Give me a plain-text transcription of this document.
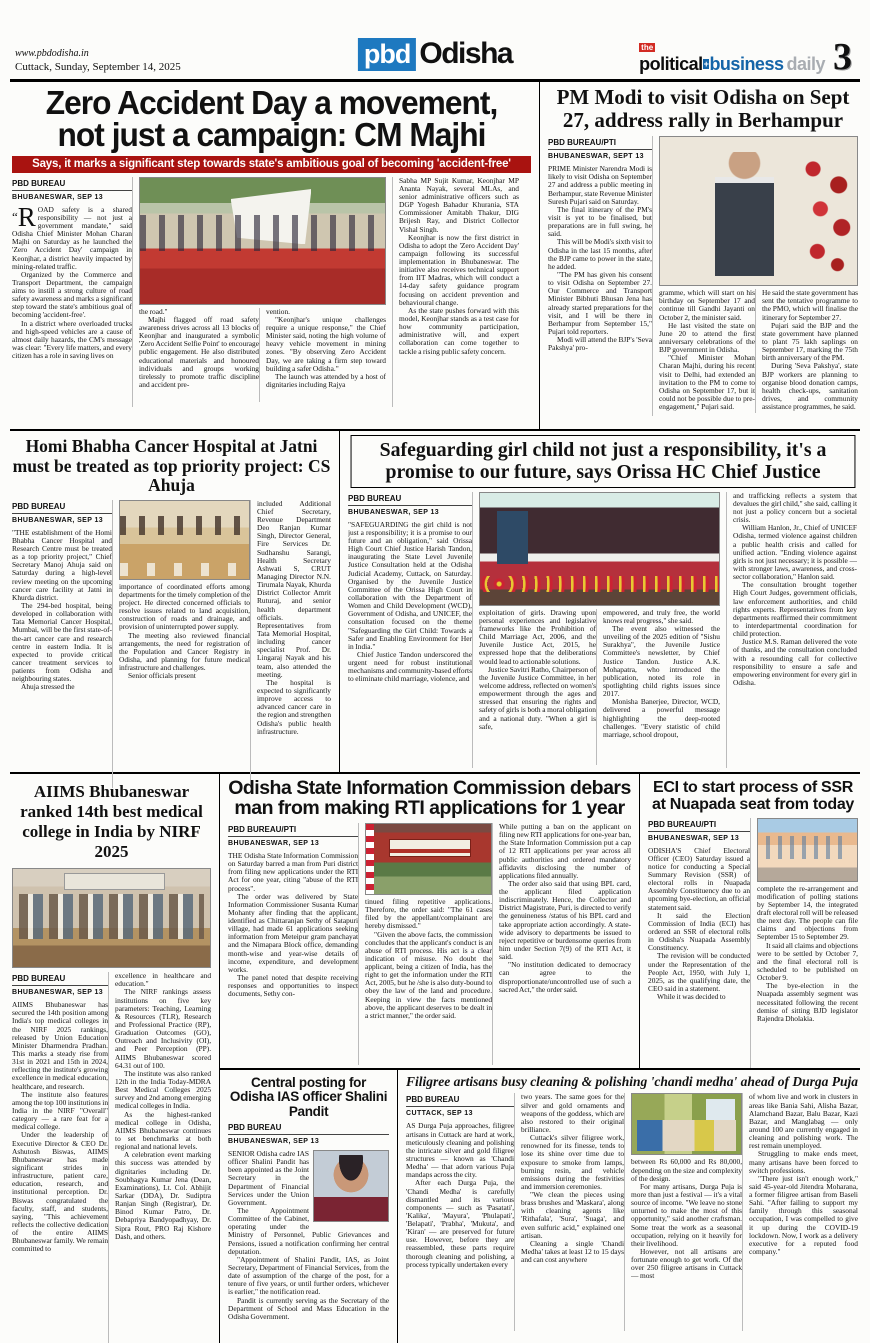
www.pbdodisha.in
Cuttack, Sunday, September 14, 2025	pbd Odisha	the
political+business daily 3
Zero Accident Day a movement, not just a campaign: CM Majhi
Says, it marks a significant step towards state's ambitious goal of becoming 'accident-free'
PBD BUREAU
BHUBANESWAR, SEP 13

“ R OAD safety is a shared responsibility — not just a government mandate," said Odisha Chief Minister Mohan Charan Majhi on Saturday as he launched the 'Zero Accident Day' campaign in Keonjhar, a district heavily impacted by mining-related traffic.

Organized by the Commerce and Transport Department, the campaign aims to instill a strong culture of road safety awareness and marks a significant step toward the state's ambitious goal of becoming 'accident-free'.

In a district where overloaded trucks and high-speed vehicles are a cause of almost daily hazards, the CM's message was clear: "Every life matters, and every citizen has a role in saving lives on

the road."

Majhi flagged off road safety awareness drives across all 13 blocks of Keonjhar and inaugurated a symbolic 'Zero Accident Selfie Point' to encourage public engagement. He also distributed educational materials and honoured individuals and groups working tirelessly to promote traffic discipline and accident pre-

vention.

"Keonjhar's unique challenges require a unique response," the Chief Minister said, noting the high volume of heavy vehicle movement in mining zones. "By observing Zero Accident Day, we are taking a firm step toward building a safer Odisha."

The launch was attended by a host of dignitaries including Rajya

Sabha MP Sujit Kumar, Keonjhar MP Ananta Nayak, several MLAs, and senior administrative officers such as DGP Yogesh Bahadur Khurania, STA Commissioner Amitabh Thakur, DIG Brijesh Ray, and District Collector Vishal Singh.

Keonjhar is now the first district in Odisha to adopt the 'Zero Accident Day' campaign following its successful implementation in Bhubaneswar. The initiative also receives technical support from IIT Madras, which will conduct a 14-day safety guidance program focusing on accident prevention and behavioural change.

As the state pushes forward with this model, Keonjhar stands as a test case for how community participation, administrative will, and expert collaboration can come together to tackle a rising public safety concern.

PM Modi to visit Odisha on Sept 27, address rally in Berhampur
PBD BUREAU/PTI
BHUBANESWAR, SEPT 13

PRIME Minister Narendra Modi is likely to visit Odisha on September 27 and address a public meeting in Berhampur, state Revenue Minister Suresh Pujari said on Saturday.

The final itinerary of the PM's visit is yet to be finalised, but preparations are in full swing, he said.

This will be Modi's sixth visit to Odisha in the last 15 months, after the BJP came to power in the state, he added.

"The PM has given his consent to visit Odisha on September 27. Our Commerce and Transport Minister Bibhuti Bhusan Jena has already started preparations for the visit, and I will be there in Berhampur from September 15," Pujari told reporters.

Modi will attend the BJP's 'Seva Pakshya' pro-

gramme, which will start on his birthday on September 17 and continue till Gandhi Jayanti on October 2, the minister said.

He last visited the state on June 20 to attend the first anniversary celebrations of the BJP government in Odisha.

"Chief Minister Mohan Charan Majhi, during his recent visit to Delhi, had extended an invitation to the PM to come to Odisha on September 17, but it could not be possible due to pre-engagement," Pujari said.

He said the state government has sent the tentative programme to the PMO, which will finalise the itinerary for September 27.

Pujari said the BJP and the state government have planned to plant 75 lakh saplings on September 17, marking the 75th birth anniversary of the PM.

During 'Seva Pakshya', state BJP workers are planning to organise blood donation camps, health check-ups, sanitation drives, and community assistance programmes, he said.

Homi Bhabha Cancer Hospital at Jatni must be treated as top priority project: CS Ahuja
PBD BUREAU
BHUBANESWAR, SEP 13

"THE establishment of the Homi Bhabha Cancer Hospital and Research Centre must be treated as a top priority project," Chief Secretary Manoj Ahuja said on Saturday during a high-level review meeting on the upcoming cancer care facility at Jatni in Khurda district.

The 294-bed hospital, being developed in collaboration with Tata Memorial Cancer Hospital, Mumbai, will be the first state-of-the-art cancer care and research centre in eastern India. It is expected to provide critical cancer treatment services to patients from Odisha and neighbouring states.

Ahuja stressed the

importance of coordinated efforts among departments for the timely completion of the project. He directed concerned officials to resolve issues related to land acquisition, construction of roads and drainage, and provision of uninterrupted power supply.

The meeting also reviewed financial arrangements, the need for registration of the Population and Cancer Registry in Odisha, and planning for future medical infrastructure and challenges.

Senior officials present

included Additional Chief Secretary, Revenue Department Deo Ranjan Kumar Singh, Director General, Fire Services Dr. Sudhanshu Sarangi, Health Secretary Ashwati S, CRUT Managing Director N.N. Tirumala Nayak, Khurda District Collector Amrit Ruturaj, and senior health department officials. Representatives from Tata Memorial Hospital, including cancer specialist Prof. Dr. Lingaraj Nayak and his team, also attended the meeting.

The hospital is expected to significantly improve access to advanced cancer care in the region and strengthen Odisha's public health infrastructure.

Safeguarding girl child not just a responsibility, it's a promise to our future, says Orissa HC Chief Justice
PBD BUREAU
BHUBANESWAR, SEP 13

"SAFEGUARDING the girl child is not just a responsibility; it is a promise to our future and an obligation," said Orissa High Court Chief Justice Harish Tandon, inaugurating the State Level Juvenile Justice Consultation held at the Odisha Judicial Academy, Cuttack, on Saturday. Organised by the Juvenile Justice Committee of the Orissa High Court in collaboration with the Department of Women and Child Development (WCD), Government of Odisha, and UNICEF, the consultation focused on the theme "Safeguarding the Girl Child: Towards a Safer and Enabling Environment for Her in India."

Chief Justice Tandon underscored the urgent need for robust institutional mechanisms and community-based efforts to eliminate child marriage, violence, and

exploitation of girls. Drawing upon personal experiences and legislative frameworks like the Prohibition of Child Marriage Act, 2006, and the Juvenile Justice Act, 2015, he expressed hope that the deliberations would lead to actionable solutions.

Justice Savitri Ratho, Chairperson of the Juvenile Justice Committee, in her welcome address, reflected on women's empowerment through the ages and stressed that ensuring the rights and safety of girls is both a moral obligation and a national duty. "When a girl is safe,

empowered, and truly free, the world knows real progress," she said.

The event also witnessed the unveiling of the 2025 edition of "Sishu Surakhya", the Juvenile Justice Committee's newsletter, by Chief Justice Tandon. Justice A.K. Mohapatra, who introduced the publication, noted its role in spotlighting child rights issues since 2017.

Monisha Banerjee, Director, WCD, delivered a powerful message highlighting the deep-rooted challenges. "Every statistic of child marriage, school dropout,

and trafficking reflects a system that devalues the girl child," she said, calling it not just a policy concern but a societal crisis.

William Hanlon, Jr., Chief of UNICEF Odisha, termed violence against children a public health crisis and called for unified action. "Ending violence against girls is not just necessary; it is possible — with stronger laws, awareness, and cross-sector collaboration," Hanlon said.

The consultation brought together High Court Judges, government officials, law enforcement authorities, and child rights experts. Representatives from key departments reaffirmed their commitment to interdepartmental coordination for child protection.

Justice M.S. Raman delivered the vote of thanks, and the consultation concluded with a resounding call for collective responsibility to ensure a safe and empowering environment for every girl in Odisha.

AIIMS Bhubaneswar ranked 14th best medical college in India by NIRF 2025
PBD BUREAU
BHUBANESWAR, SEP 13

AIIMS Bhubaneswar has secured the 14th position among India's top medical colleges in the NIRF 2025 rankings, released by Union Education Minister Dharmendra Pradhan. This marks a steady rise from 31st in 2021 and 15th in 2024, reflecting the institute's growing excellence in medical education, healthcare, and research.

The institute also features among the top 100 institutions in India in the NIRF "Overall" category — a rare feat for a medical college.

Under the leadership of Executive Director & CEO Dr. Ashutosh Biswas, AIIMS Bhubaneswar has made significant strides in infrastructure, patient care, education, research, and institutional perception. Dr. Biswas congratulated the faculty, staff, and students, saying, "This achievement reflects the collective dedication of the entire AIIMS Bhubaneswar family. We remain committed to

excellence in healthcare and education."

The NIRF rankings assess institutions on five key parameters: Teaching, Learning & Resources (TLR), Research and Professional Practice (RP), Graduation Outcomes (GO), Outreach and Inclusivity (OI), and Peer Perception (PP). AIIMS Bhubaneswar scored 64.31 out of 100.

The institute was also ranked 12th in the India Today-MDRA Best Medical Colleges 2025 survey and 2nd among emerging medical colleges in India.

As the highest-ranked medical college in Odisha, AIIMS Bhubaneswar continues to set benchmarks at both regional and national levels.

A celebration event marking this success was attended by dignitaries including Dr. Soubhagya Kumar Jena (Dean, Examinations), Lt. Col. Abhijit Sarkar (DDA), Dr. Sudiptra Ranjan Singh (Registrar), Dr. Binod Kumar Patro, Dr. Debapriya Bandyopadhyay, Dr. Sipra Rout, PRO Raj Kishore Dash, and others.

Odisha State Information Commission debars man from making RTI applications for 1 year
PBD BUREAU/PTI
BHUBANESWAR, SEP 13

THE Odisha State Information Commission on Saturday barred a man from Puri district from filing new applications under the RTI Act for one year, citing "abuse of the RTI process".

The order was delivered by State Information Commissioner Susanta Kumar Mohanty after finding that the applicant, identified as Chittaranjan Sethy of Satapuri village, had made 61 applications seeking information from Meteipur gram panchayat and the Nimapara Block office, demanding month-wise and year-wise details of income, expenditure, and development works.

The panel noted that despite receiving responses and opportunities to inspect documents, Sethy con-

tinued filing repetitive applications. Therefore, the order said: "The 61 cases filed by the appellant/complainant are hereby dismissed."

"Given the above facts, the commission concludes that the applicant's conduct is an abuse of RTI process. His act is a clear indication of misuse. No doubt the applicant, being a citizen of India, has the right to get the information under the RTI Act, 2005, but he /she is also duty-bound to obey the law of the land and procedure. Keeping in view the facts mentioned above, the applicant deserves to be dealt in a strict manner," the order said.

While putting a ban on the applicant on filing new RTI applications for one-year ban, the State Information Commission put a cap of 12 RTI applications per year across all public authorities and ordered mandatory affidavits disclosing the number of applications filed annually.

The order also said that using BPL card, the applicant filed application indiscriminately. Hence, the Collector and District Magistrate, Puri, is directed to verify the genuineness /status of his BPL card and take appropriate action accordingly. A state-wide advisory to departments be issued to reject repetitive or burdensome queries from him under Section 7(9) of the RTI Act, it said.

"No institution dedicated to democracy can agree to the disproportionate/uncontrolled use of such a sacred Act," the order said.

ECI to start process of SSR at Nuapada seat from today
PBD BUREAU/PTI
BHUBANESWAR, SEP 13

ODISHA'S Chief Electoral Officer (CEO) Saturday issued a notice for conducting a Special Summary Revision (SSR) of electoral rolls in Nuapada Assembly Constituency due to an upcoming bye-election, an official statement said.

It said the Election Commission of India (ECI) has ordered an SSR of electoral rolls in Odisha's Nuapada Assembly Constituency.

The revision will be conducted under the Representation of the People Act, 1950, with July 1, 2025, as the qualifying date, the CEO said in a statement.

While it was decided to

complete the re-arrangement and modification of polling stations by September 14, the integrated draft electoral roll will be released the next day. The people can file claims and objections from September 15 to September 29.

It said all claims and objections were to be settled by October 7, and the final electoral roll is scheduled to be published on October 9.

The bye-election in the Nuapada assembly segment was necessitated following the recent demise of sitting BJD legislator Rajendra Dholakia.

Central posting for Odisha IAS officer Shalini Pandit
PBD BUREAU
BHUBANESWAR, SEP 13

SENIOR Odisha cadre IAS officer Shalini Pandit has been appointed as the Joint Secretary in the Department of Financial Services under the Union Government.

The Appointment Committee of the Cabinet, operating under the Ministry of Personnel, Public Grievances and Pensions, issued a notification confirming her central deputation.

"Appointment of Shalini Pandit, IAS, as Joint Secretary, Department of Financial Services, from the date of assumption of the charge of the post, for a tenure of five years, or until further orders, whichever is earlier," the notification read.

Pandit is currently serving as the Secretary of the Department of School and Mass Education in the Odisha Government.

Filigree artisans busy cleaning & polishing 'chandi medha' ahead of Durga Puja
PBD BUREAU
CUTTACK, SEP 13

AS Durga Puja approaches, filigree artisans in Cuttack are hard at work, meticulously cleaning and polishing the intricate silver and gold filigree structures — known as 'Chandi Medha' — that adorn various Puja mandaps across the city.

After each Durga Puja, the 'Chandi Medha' is carefully dismantled and its various components — such as 'Pasatati', 'Kalika', 'Mayura', 'Phulapati', 'Belapati', 'Prabha', 'Mukuta', and 'Kiran' — are preserved for future use. However, before they are reassembled, these parts require thorough cleaning and polishing, a process typically undertaken every

two years. The same goes for the silver and gold ornaments and weapons of the goddess, which are also restored to their original brilliance.

Cuttack's silver filigree work, renowned for its finesse, tends to lose its shine over time due to exposure to smoke from lamps, burning resin, and vehicle emissions during the festivities and immersion ceremonies.

"We clean the pieces using brass brushes and 'Maskara', along with cleaning agents like 'Rithafala', 'Sura', 'Suaga', and even sulfuric acid," explained one artisan.

Cleaning a single 'Chandi Medha' takes at least 12 to 15 days and can cost anywhere

between Rs 60,000 and Rs 80,000, depending on the size and complexity of the design.

For many artisans, Durga Puja is more than just a festival — it's a vital source of income. "We leave no stone unturned to make the most of this opportunity," said another craftsman. Some treat the work as a seasonal occupation, relying on it heavily for their livelihood.

However, not all artisans are fortunate enough to get work. Of the over 250 filigree artisans in Cuttack — most

of whom live and work in clusters in areas like Bania Sahi, Alisha Bazar, Alamchand Bazar, Balu Bazar, Kazi Bazar, and Manglabag — only around 100 are currently engaged in cleaning and polishing work. The rest remain unemployed.

Struggling to make ends meet, many artisans have been forced to switch professions.

"There just isn't enough work," said 45-year-old Jitendra Moharana, a former filigree artisan from Baseli Sahi. "After failing to support my family through this seasonal occupation, I was compelled to give it up during the COVID-19 lockdown. Now, I work as a delivery executive for a reputed food company."
